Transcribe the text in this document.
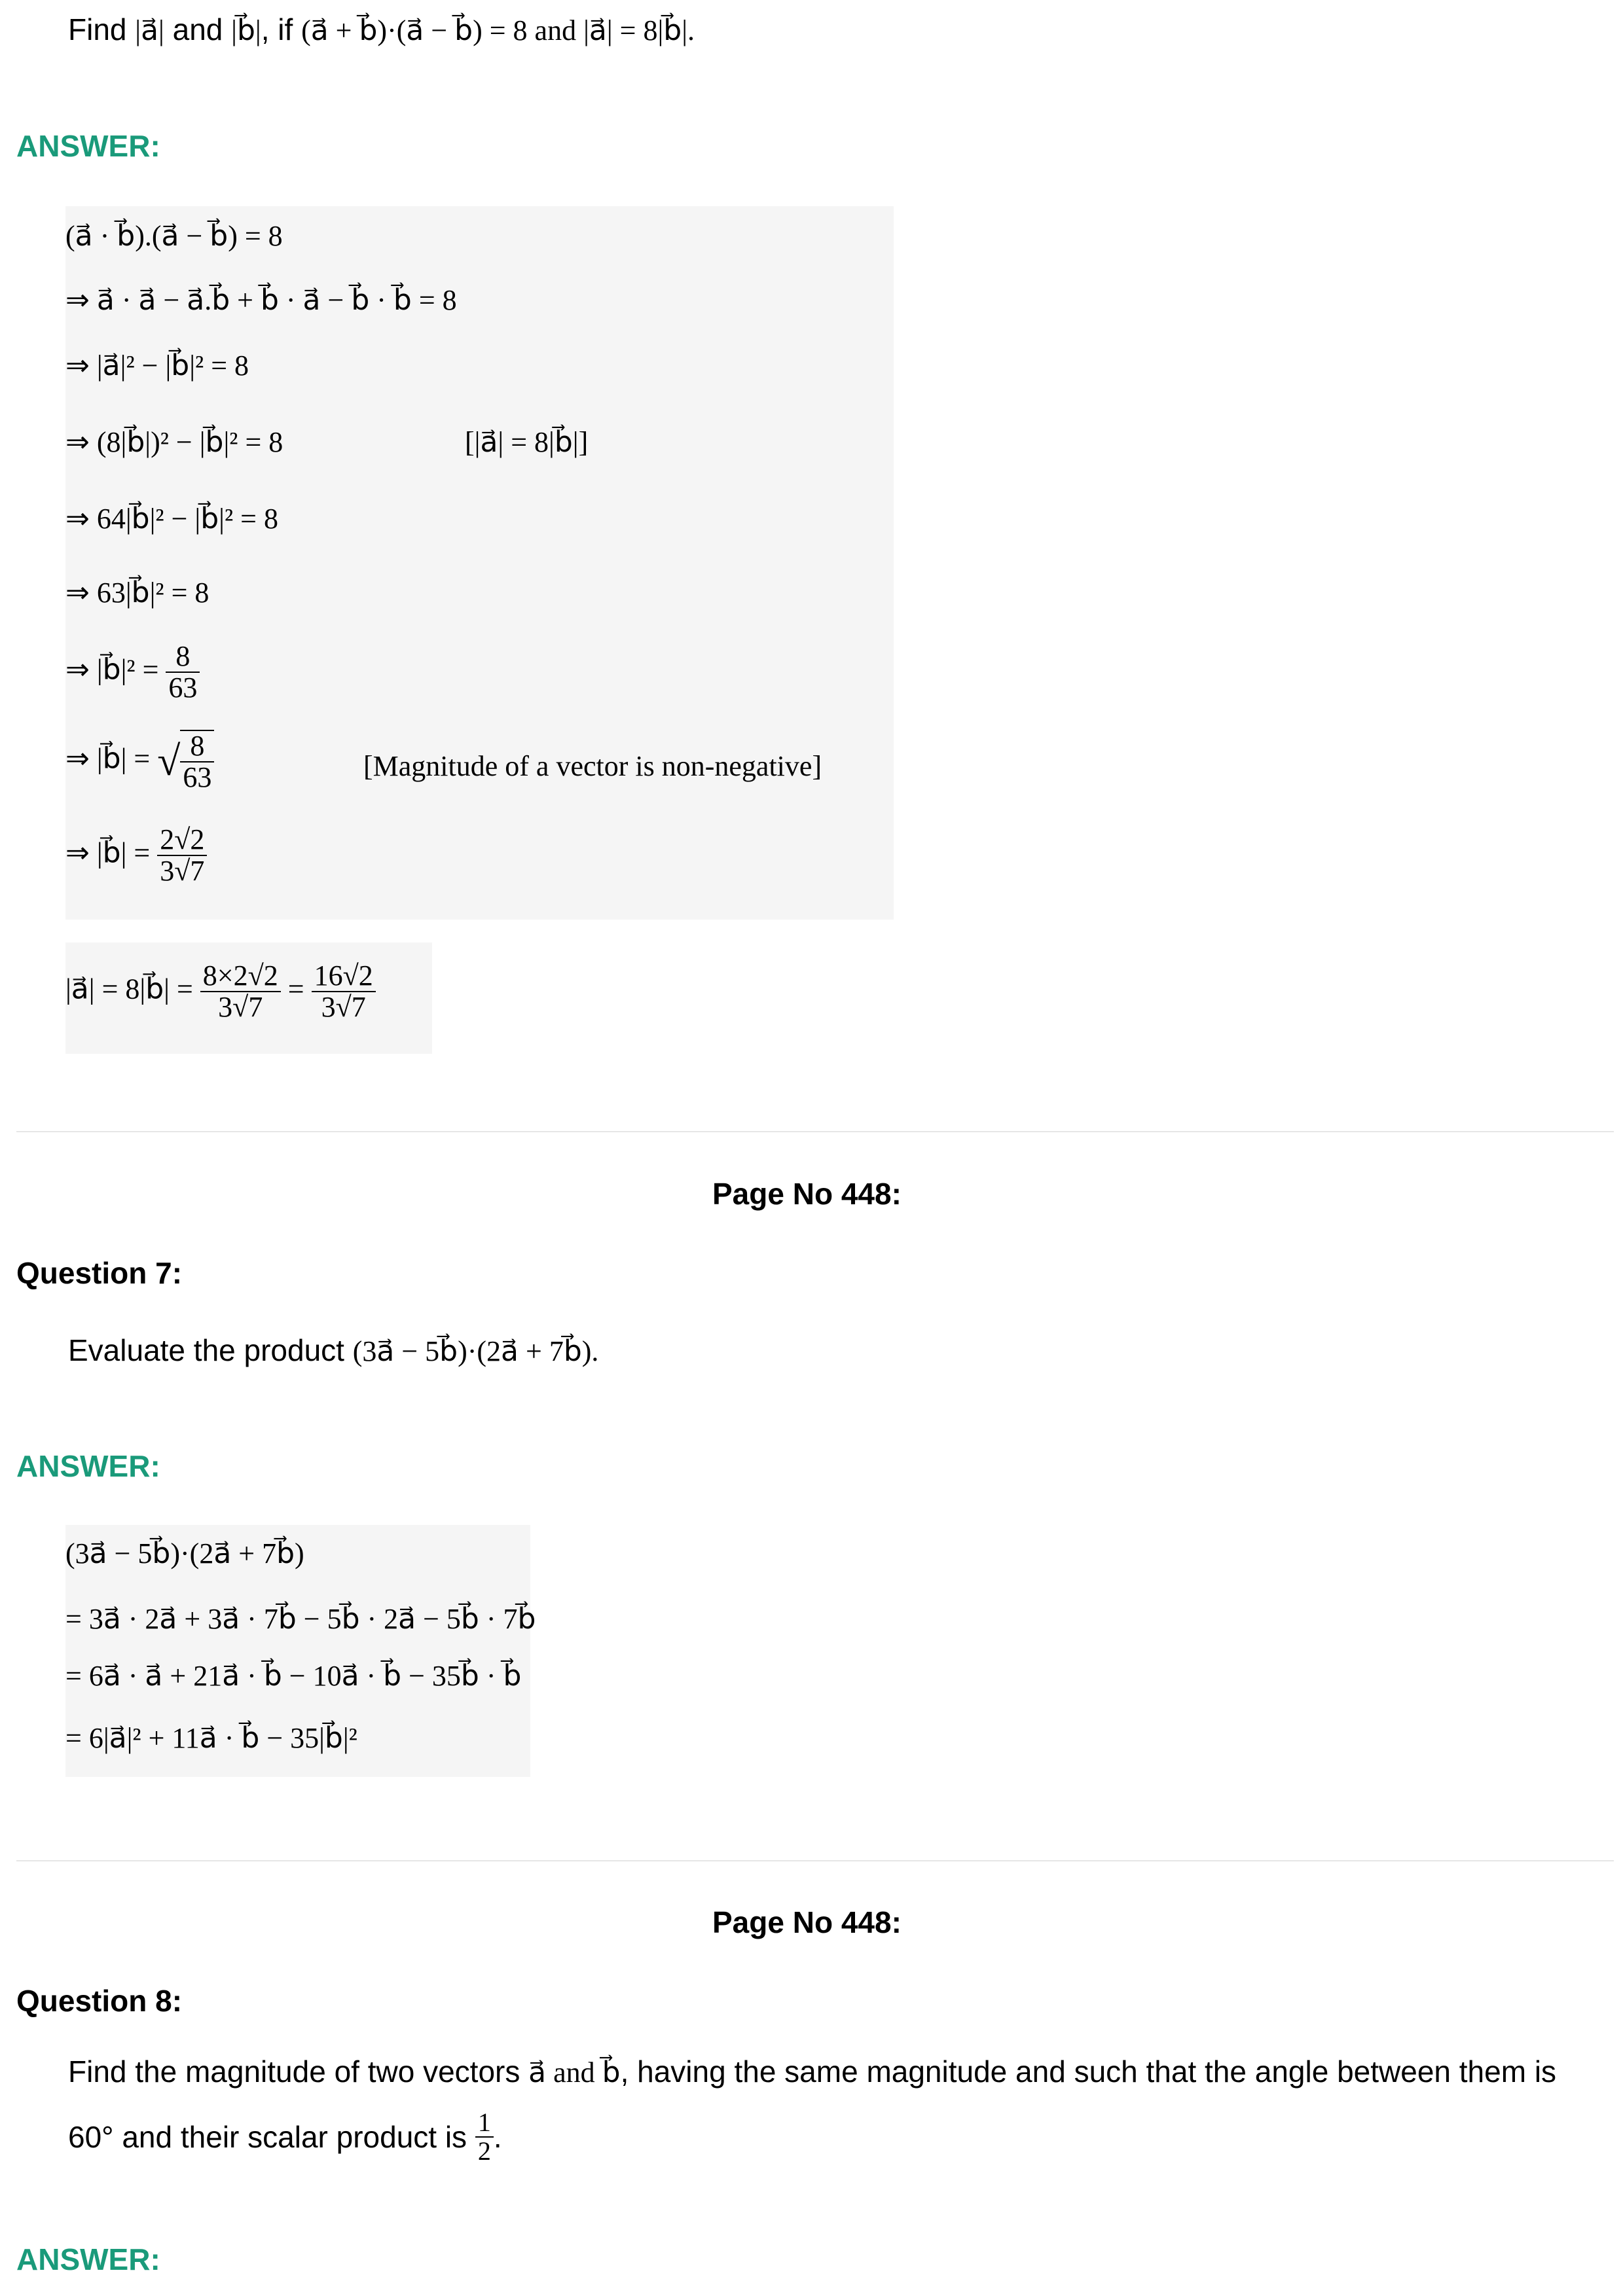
Find |a⃗| and |b⃗|, if (a⃗ + b⃗)·(a⃗ − b⃗) = 8 and |a⃗| = 8|b⃗|.
ANSWER:
(a⃗ · b⃗).(a⃗ − b⃗) = 8
⇒ a⃗ · a⃗ − a⃗.b⃗ + b⃗ · a⃗ − b⃗ · b⃗ = 8
⇒ |a⃗|² − |b⃗|² = 8
⇒ (8|b⃗|)² − |b⃗|² = 8	[|a⃗| = 8|b⃗|]
⇒ 64|b⃗|² − |b⃗|² = 8
⇒ 63|b⃗|² = 8
⇒ |b⃗|² = $\frac{8}{63}$
⇒ |b⃗| = √ $\frac{8}{63}$	[Magnitude of a vector is non-negative]
⇒ |b⃗| = $\frac{2√2}{3√7}$
|a⃗| = 8|b⃗| = $\frac{8\times 2√2}{3√7} = \frac{16√2}{3√7}$
Page No 448:
Question 7:
Evaluate the product (3a⃗ − 5b⃗)·(2a⃗ + 7b⃗).
ANSWER:
(3a⃗ − 5b⃗)·(2a⃗ + 7b⃗)
= 3a⃗ · 2a⃗ + 3a⃗ · 7b⃗ − 5b⃗ · 2a⃗ − 5b⃗ · 7b⃗
= 6a⃗ · a⃗ + 21a⃗ · b⃗ − 10a⃗ · b⃗ − 35b⃗ · b⃗
= 6|a⃗|² + 11a⃗ · b⃗ − 35|b⃗|²
Page No 448:
Question 8:
Find the magnitude of two vectors a⃗ and b⃗, having the same magnitude and such that the angle between them is
60° and their scalar product is $\frac{1}{2}$ .
ANSWER:
